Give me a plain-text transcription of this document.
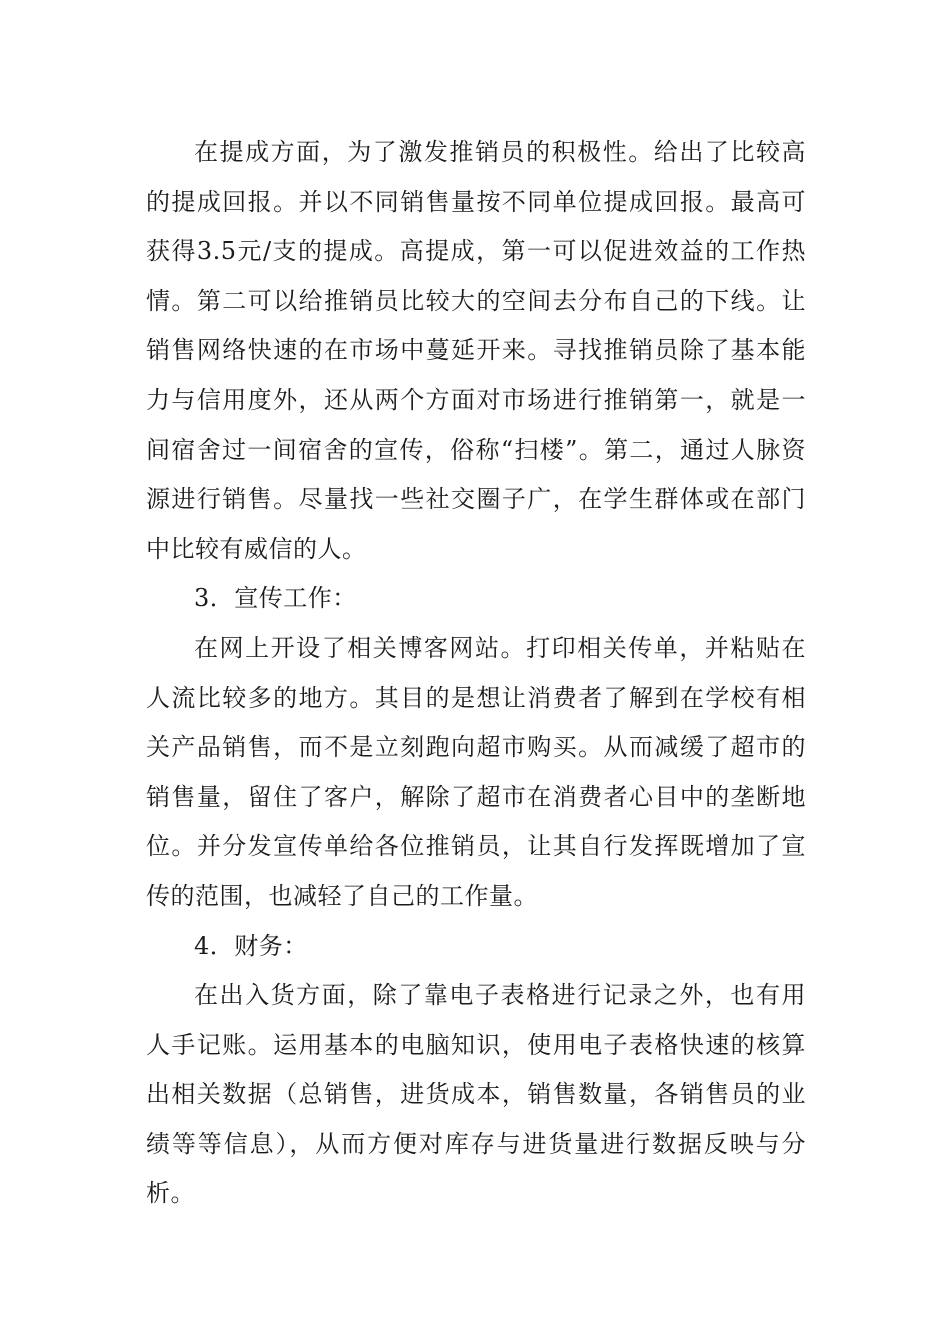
在提成方面，为了激发推销员的积极性。给出了比较高的提成回报。并以不同销售量按不同单位提成回报。最高可获得3.5元/支的提成。高提成，第一可以促进效益的工作热情。第二可以给推销员比较大的空间去分布自己的下线。让销售网络快速的在市场中蔓延开来。寻找推销员除了基本能力与信用度外，还从两个方面对市场进行推销第一，就是一间宿舍过一间宿舍的宣传，俗称“扫楼”。第二，通过人脉资源进行销售。尽量找一些社交圈子广，在学生群体或在部门中比较有威信的人。

3．宣传工作：

在网上开设了相关博客网站。打印相关传单，并粘贴在人流比较多的地方。其目的是想让消费者了解到在学校有相关产品销售，而不是立刻跑向超市购买。从而减缓了超市的销售量，留住了客户，解除了超市在消费者心目中的垄断地位。并分发宣传单给各位推销员，让其自行发挥既增加了宣传的范围，也减轻了自己的工作量。

4．财务：

在出入货方面，除了靠电子表格进行记录之外，也有用人手记账。运用基本的电脑知识，使用电子表格快速的核算出相关数据（总销售，进货成本，销售数量，各销售员的业绩等等信息），从而方便对库存与进货量进行数据反映与分析。
